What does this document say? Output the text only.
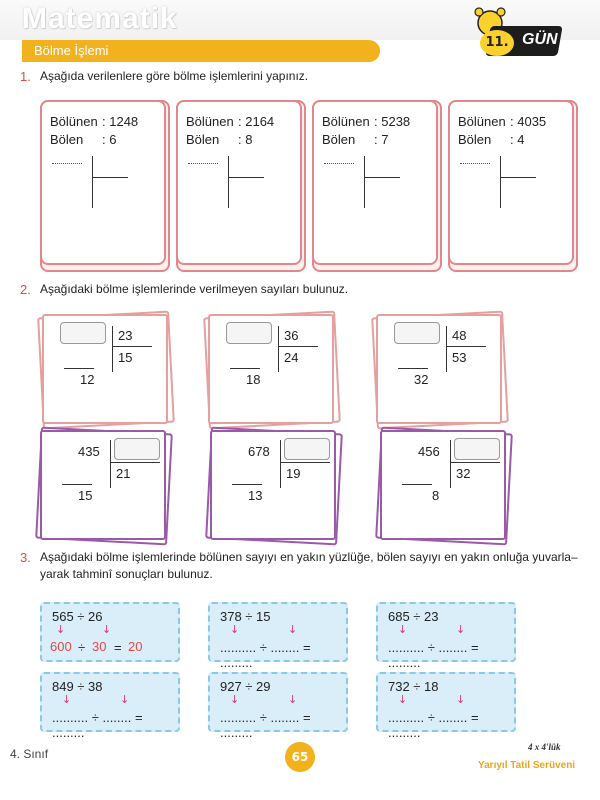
Matematik
Bölme İşlemi
11. GÜN
1. Aşağıda verilenlere göre bölme işlemlerini yapınız.
Bölünen : 1248
Bölen : 6
Bölünen : 2164
Bölen : 8
Bölünen : 5238
Bölen : 7
Bölünen : 4035
Bölen : 4
2. Aşağıdaki bölme işlemlerinde verilmeyen sayıları bulunuz.
23
15
12
36
24
18
48
53
32
435
21
15
678
19
13
456
32
8
3. Aşağıdaki bölme işlemlerinde bölünen sayıyı en yakın yüzlüğe, bölen sayıyı en yakın onluğa yuvarla–
yarak tahminî sonuçları bulunuz.
565 ÷ 26
↓	↓
600 ÷ 30 = 20
378 ÷ 15
↓	↓
.......... ÷ ........ = .........
685 ÷ 23
↓	↓
.......... ÷ ........ = .........
849 ÷ 38
↓	↓
.......... ÷ ........ = .........
927 ÷ 29
↓	↓
.......... ÷ ........ = .........
732 ÷ 18
↓	↓
.......... ÷ ........ = .........
4. Sınıf	65
4 x 4'lük
Yarıyıl Tatil Serüveni
